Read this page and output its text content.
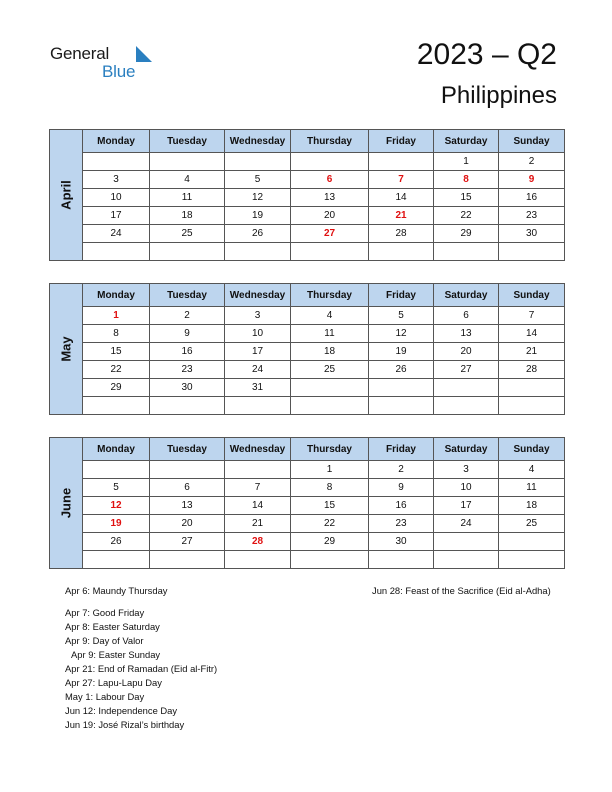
General
Blue
2023 – Q2
Philippines
April	Monday	Tuesday	Wednesday	Thursday	Friday	Saturday	Sunday
						1	2
	3	4	5	6	7	8	9
	10	11	12	13	14	15	16
	17	18	19	20	21	22	23
	24	25	26	27	28	29	30

May	Monday	Tuesday	Wednesday	Thursday	Friday	Saturday	Sunday
	1	2	3	4	5	6	7
	8	9	10	11	12	13	14
	15	16	17	18	19	20	21
	22	23	24	25	26	27	28
	29	30	31				

June	Monday	Tuesday	Wednesday	Thursday	Friday	Saturday	Sunday
				1	2	3	4
	5	6	7	8	9	10	11
	12	13	14	15	16	17	18
	19	20	21	22	23	24	25
	26	27	28	29	30		

Apr 6: Maundy Thursday
Apr 7: Good Friday
Apr 8: Easter Saturday
Apr 9: Day of Valor
Apr 9: Easter Sunday
Apr 21: End of Ramadan (Eid al-Fitr)
Apr 27: Lapu-Lapu Day
May 1: Labour Day
Jun 12: Independence Day
Jun 19: José Rizal’s birthday
Jun 28: Feast of the Sacrifice (Eid al-Adha)
